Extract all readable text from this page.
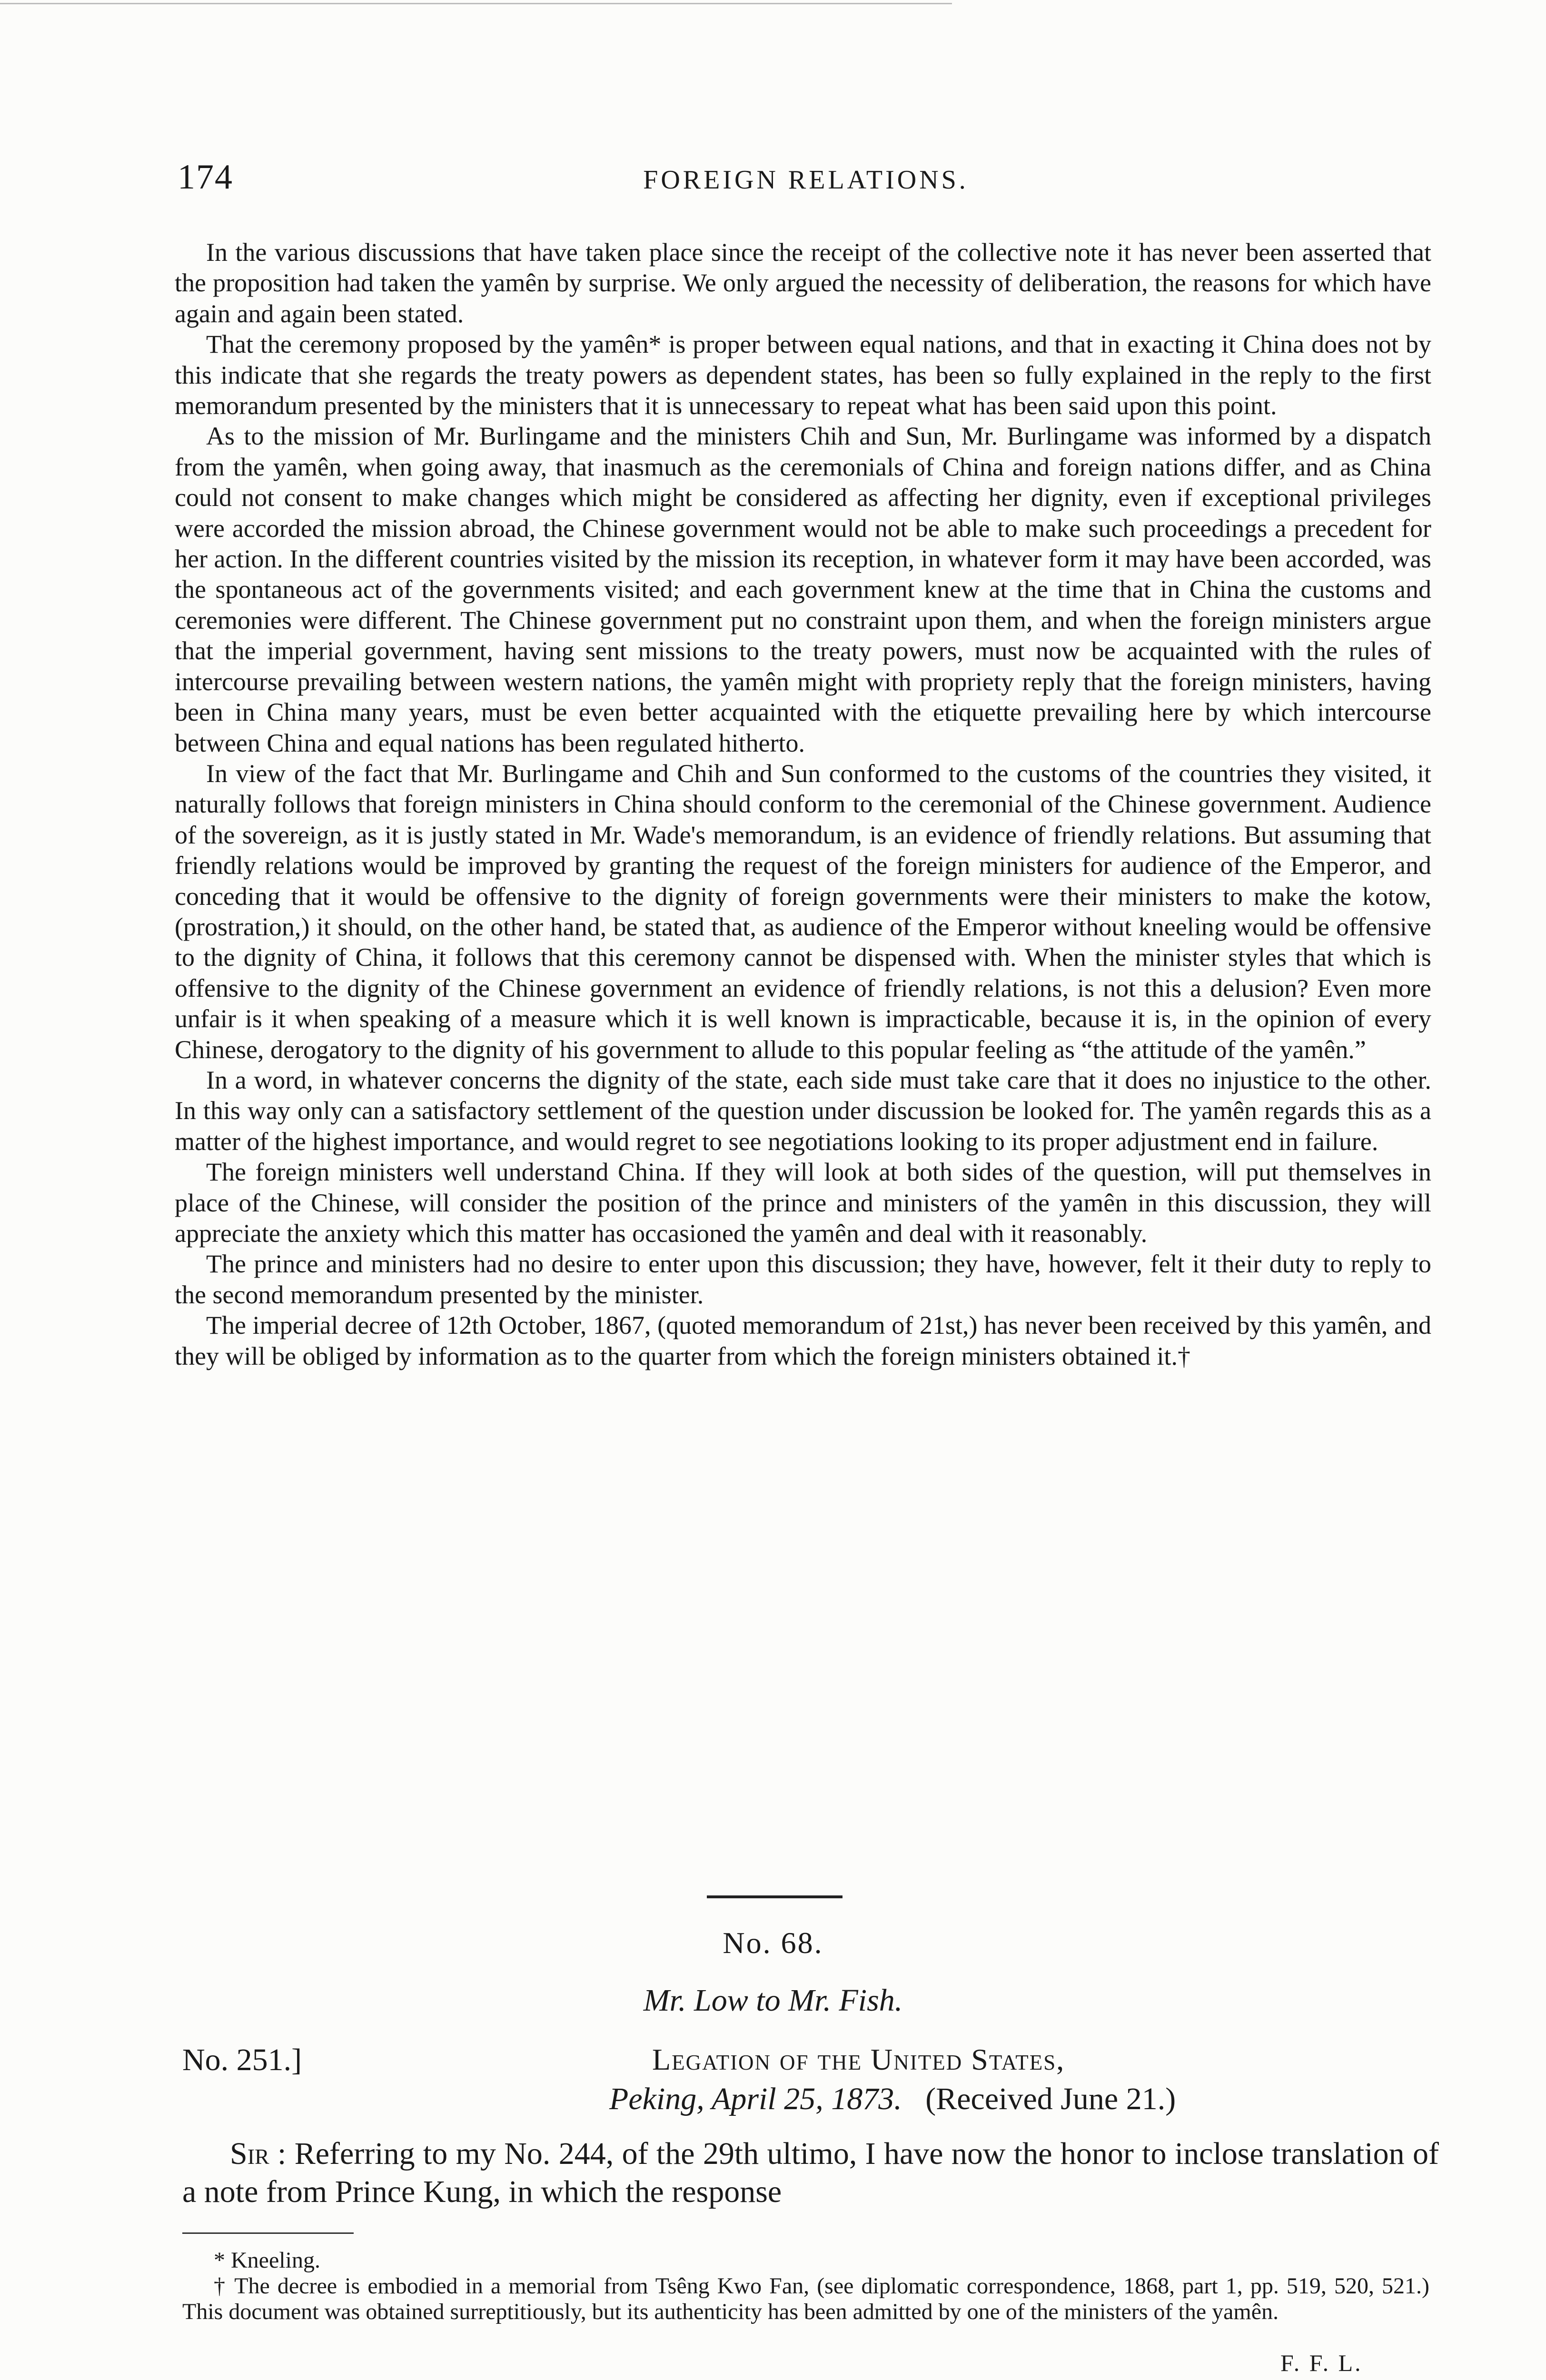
174	FOREIGN RELATIONS.

In the various discussions that have taken place since the receipt of the collective note it has never been asserted that the proposition had taken the yamên by surprise. We only argued the necessity of deliberation, the reasons for which have again and again been stated.

That the ceremony proposed by the yamên* is proper between equal nations, and that in exacting it China does not by this indicate that she regards the treaty powers as dependent states, has been so fully explained in the reply to the first memorandum presented by the ministers that it is unnecessary to repeat what has been said upon this point.

As to the mission of Mr. Burlingame and the ministers Chih and Sun, Mr. Burlingame was informed by a dispatch from the yamên, when going away, that inasmuch as the ceremonials of China and foreign nations differ, and as China could not consent to make changes which might be considered as affecting her dignity, even if exceptional privileges were accorded the mission abroad, the Chinese government would not be able to make such proceedings a precedent for her action. In the different countries visited by the mission its reception, in whatever form it may have been accorded, was the spontaneous act of the governments visited; and each government knew at the time that in China the customs and ceremonies were different. The Chinese government put no constraint upon them, and when the foreign ministers argue that the imperial government, having sent missions to the treaty powers, must now be acquainted with the rules of intercourse prevailing between western nations, the yamên might with propriety reply that the foreign ministers, having been in China many years, must be even better acquainted with the etiquette prevailing here by which intercourse between China and equal nations has been regulated hitherto.

In view of the fact that Mr. Burlingame and Chih and Sun conformed to the customs of the countries they visited, it naturally follows that foreign ministers in China should conform to the ceremonial of the Chinese government. Audience of the sovereign, as it is justly stated in Mr. Wade's memorandum, is an evidence of friendly relations. But assuming that friendly relations would be improved by granting the request of the foreign ministers for audience of the Emperor, and conceding that it would be offensive to the dignity of foreign governments were their ministers to make the kotow, (prostration,) it should, on the other hand, be stated that, as audience of the Emperor without kneeling would be offensive to the dignity of China, it follows that this ceremony cannot be dispensed with. When the minister styles that which is offensive to the dignity of the Chinese government an evidence of friendly relations, is not this a delusion? Even more unfair is it when speaking of a measure which it is well known is impracticable, because it is, in the opinion of every Chinese, derogatory to the dignity of his government to allude to this popular feeling as “the attitude of the yamên.”

In a word, in whatever concerns the dignity of the state, each side must take care that it does no injustice to the other. In this way only can a satisfactory settlement of the question under discussion be looked for. The yamên regards this as a matter of the highest importance, and would regret to see negotiations looking to its proper adjustment end in failure.

The foreign ministers well understand China. If they will look at both sides of the question, will put themselves in place of the Chinese, will consider the position of the prince and ministers of the yamên in this discussion, they will appreciate the anxiety which this matter has occasioned the yamên and deal with it reasonably.

The prince and ministers had no desire to enter upon this discussion; they have, however, felt it their duty to reply to the second memorandum presented by the minister.

The imperial decree of 12th October, 1867, (quoted memorandum of 21st,) has never been received by this yamên, and they will be obliged by information as to the quarter from which the foreign ministers obtained it.†

No. 68.
Mr. Low to Mr. Fish.
No. 251.]	Legation of the United States,
Peking, April 25, 1873. (Received June 21.)

Sir : Referring to my No. 244, of the 29th ultimo, I have now the honor to inclose translation of a note from Prince Kung, in which the response

* Kneeling.

† The decree is embodied in a memorial from Tsêng Kwo Fan, (see diplomatic correspondence, 1868, part 1, pp. 519, 520, 521.) This document was obtained surreptitiously, but its authenticity has been admitted by one of the ministers of the yamên.

F. F. L.
